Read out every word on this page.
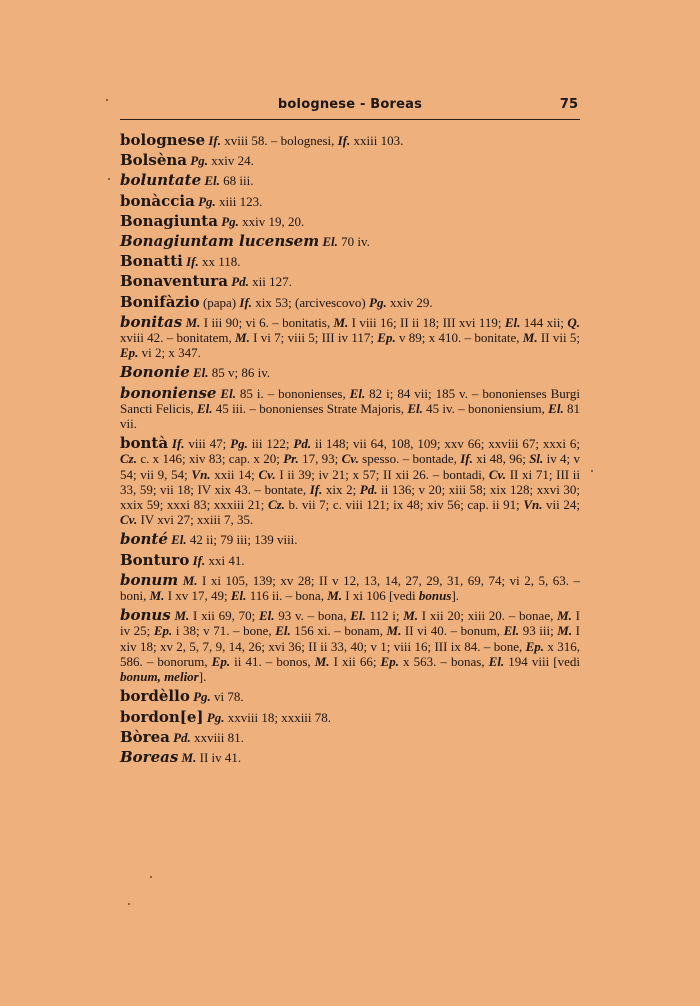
bolognese - Boreas	75
bolognese If. xviii 58. – bolognesi, If. xxiii 103.
Bolsèna Pg. xxiv 24.
boluntate El. 68 iii.
bonàccia Pg. xiii 123.
Bonagiunta Pg. xxiv 19, 20.
Bonagiuntam lucensem El. 70 iv.
Bonatti If. xx 118.
Bonaventura Pd. xii 127.
Bonifàzio (papa) If. xix 53; (arcivescovo) Pg. xxiv 29.
bonitas M. I iii 90; vi 6. – bonitatis, M. I viii 16; II ii 18; III xvi 119; El. 144 xii; Q. xviii 42. – bonitatem, M. I vi 7; viii 5; III iv 117; Ep. v 89; x 410. – bonitate, M. II vii 5; Ep. vi 2; x 347.
Bononie El. 85 v; 86 iv.
bononiense El. 85 i. – bononienses, El. 82 i; 84 vii; 185 v. – bononienses Burgi Sancti Felicis, El. 45 iii. – bononienses Strate Majoris, El. 45 iv. – bononiensium, El. 81 vii.
bontà If. viii 47; Pg. iii 122; Pd. ii 148; vii 64, 108, 109; xxv 66; xxviii 67; xxxi 6; Cz. c. x 146; xiv 83; cap. x 20; Pr. 17, 93; Cv. spesso. – bontade, If. xi 48, 96; Sl. iv 4; v 54; vii 9, 54; Vn. xxii 14; Cv. I ii 39; iv 21; x 57; II xii 26. – bontadi, Cv. II xi 71; III ii 33, 59; vii 18; IV xix 43. – bontate, If. xix 2; Pd. ii 136; v 20; xiii 58; xix 128; xxvi 30; xxix 59; xxxi 83; xxxiii 21; Cz. b. vii 7; c. viii 121; ix 48; xiv 56; cap. ii 91; Vn. vii 24; Cv. IV xvi 27; xxiii 7, 35.
bonté El. 42 ii; 79 iii; 139 viii.
Bonturo If. xxi 41.
bonum M. I xi 105, 139; xv 28; II v 12, 13, 14, 27, 29, 31, 69, 74; vi 2, 5, 63. – boni, M. I xv 17, 49; El. 116 ii. – bona, M. I xi 106 [vedi bonus].
bonus M. I xii 69, 70; El. 93 v. – bona, El. 112 i; M. I xii 20; xiii 20. – bonae, M. I iv 25; Ep. i 38; v 71. – bone, El. 156 xi. – bonam, M. II vi 40. – bonum, El. 93 iii; M. I xiv 18; xv 2, 5, 7, 9, 14, 26; xvi 36; II ii 33, 40; v 1; viii 16; III ix 84. – bone, Ep. x 316, 586. – bonorum, Ep. ii 41. – bonos, M. I xii 66; Ep. x 563. – bonas, El. 194 viii [vedi bonum, melior].
bordèllo Pg. vi 78.
bordon[e] Pg. xxviii 18; xxxiii 78.
Bòrea Pd. xxviii 81.
Boreas M. II iv 41.
